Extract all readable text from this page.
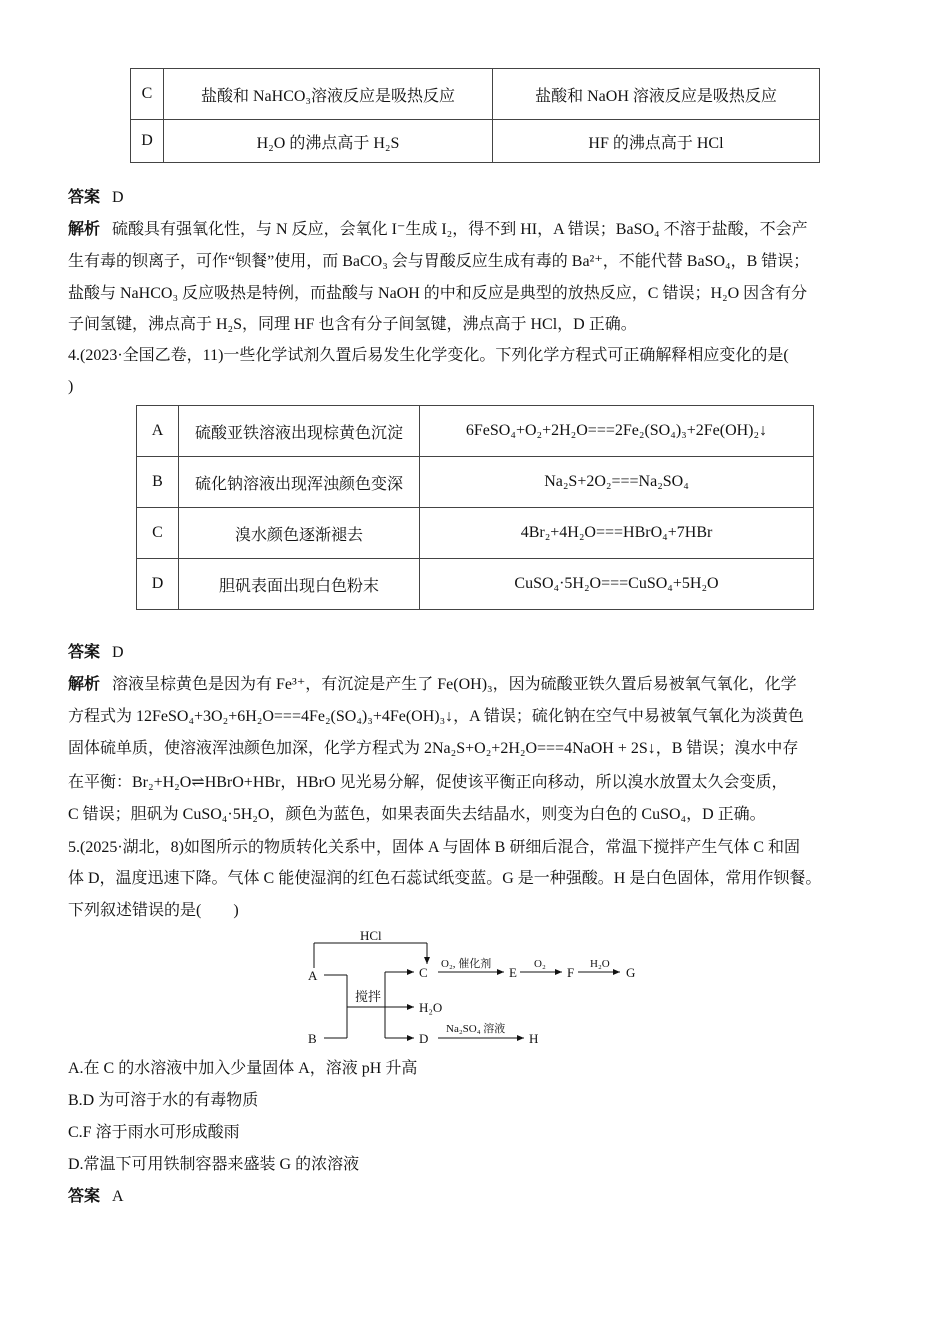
C	盐酸和 NaHCO₃溶液反应是吸热反应	盐酸和 NaOH 溶液反应是吸热反应
D	H₂O 的沸点高于 H₂S	HF 的沸点高于 HCl
答案 D
解析 硫酸具有强氧化性，与 N 反应，会氧化 I⁻生成 I₂，得不到 HI，A 错误；BaSO₄ 不溶于盐酸，不会产
生有毒的钡离子，可作“钡餐”使用，而 BaCO₃ 会与胃酸反应生成有毒的 Ba²⁺，不能代替 BaSO₄，B 错误；
盐酸与 NaHCO₃ 反应吸热是特例，而盐酸与 NaOH 的中和反应是典型的放热反应，C 错误；H₂O 因含有分
子间氢键，沸点高于 H₂S，同理 HF 也含有分子间氢键，沸点高于 HCl，D 正确。
4.(2023·全国乙卷，11)一些化学试剂久置后易发生化学变化。下列化学方程式可正确解释相应变化的是(
)
A	硫酸亚铁溶液出现棕黄色沉淀	6FeSO₄+O₂+2H₂O===2Fe₂(SO₄)₃+2Fe(OH)₂↓
B	硫化钠溶液出现浑浊颜色变深	Na₂S+2O₂===Na₂SO₄
C	溴水颜色逐渐褪去	4Br₂+4H₂O===HBrO₄+7HBr
D	胆矾表面出现白色粉末	CuSO₄·5H₂O===CuSO₄+5H₂O
答案 D
解析 溶液呈棕黄色是因为有 Fe³⁺，有沉淀是产生了 Fe(OH)₃，因为硫酸亚铁久置后易被氧气氧化，化学
方程式为 12FeSO₄+3O₂+6H₂O===4Fe₂(SO₄)₃+4Fe(OH)₃↓，A 错误；硫化钠在空气中易被氧气氧化为淡黄色
固体硫单质，使溶液浑浊颜色加深，化学方程式为 2Na₂S+O₂+2H₂O===4NaOH + 2S↓，B 错误；溴水中存
在平衡：Br₂+H₂O⇌HBrO+HBr，HBrO 见光易分解，促使该平衡正向移动，所以溴水放置太久会变质，
C 错误；胆矾为 CuSO₄·5H₂O，颜色为蓝色，如果表面失去结晶水，则变为白色的 CuSO₄，D 正确。
5.(2025·湖北，8)如图所示的物质转化关系中，固体 A 与固体 B 研细后混合，常温下搅拌产生气体 C 和固
体 D，温度迅速下降。气体 C 能使湿润的红色石蕊试纸变蓝。G 是一种强酸。H 是白色固体，常用作钡餐。
下列叙述错误的是(　　)
HCl
A
B
搅拌
C
H₂O
D
O₂, 催化剂
E
O₂
F
H₂O
G
Na₂SO₄ 溶液
H
A.在 C 的水溶液中加入少量固体 A，溶液 pH 升高
B.D 为可溶于水的有毒物质
C.F 溶于雨水可形成酸雨
D.常温下可用铁制容器来盛装 G 的浓溶液
答案 A
